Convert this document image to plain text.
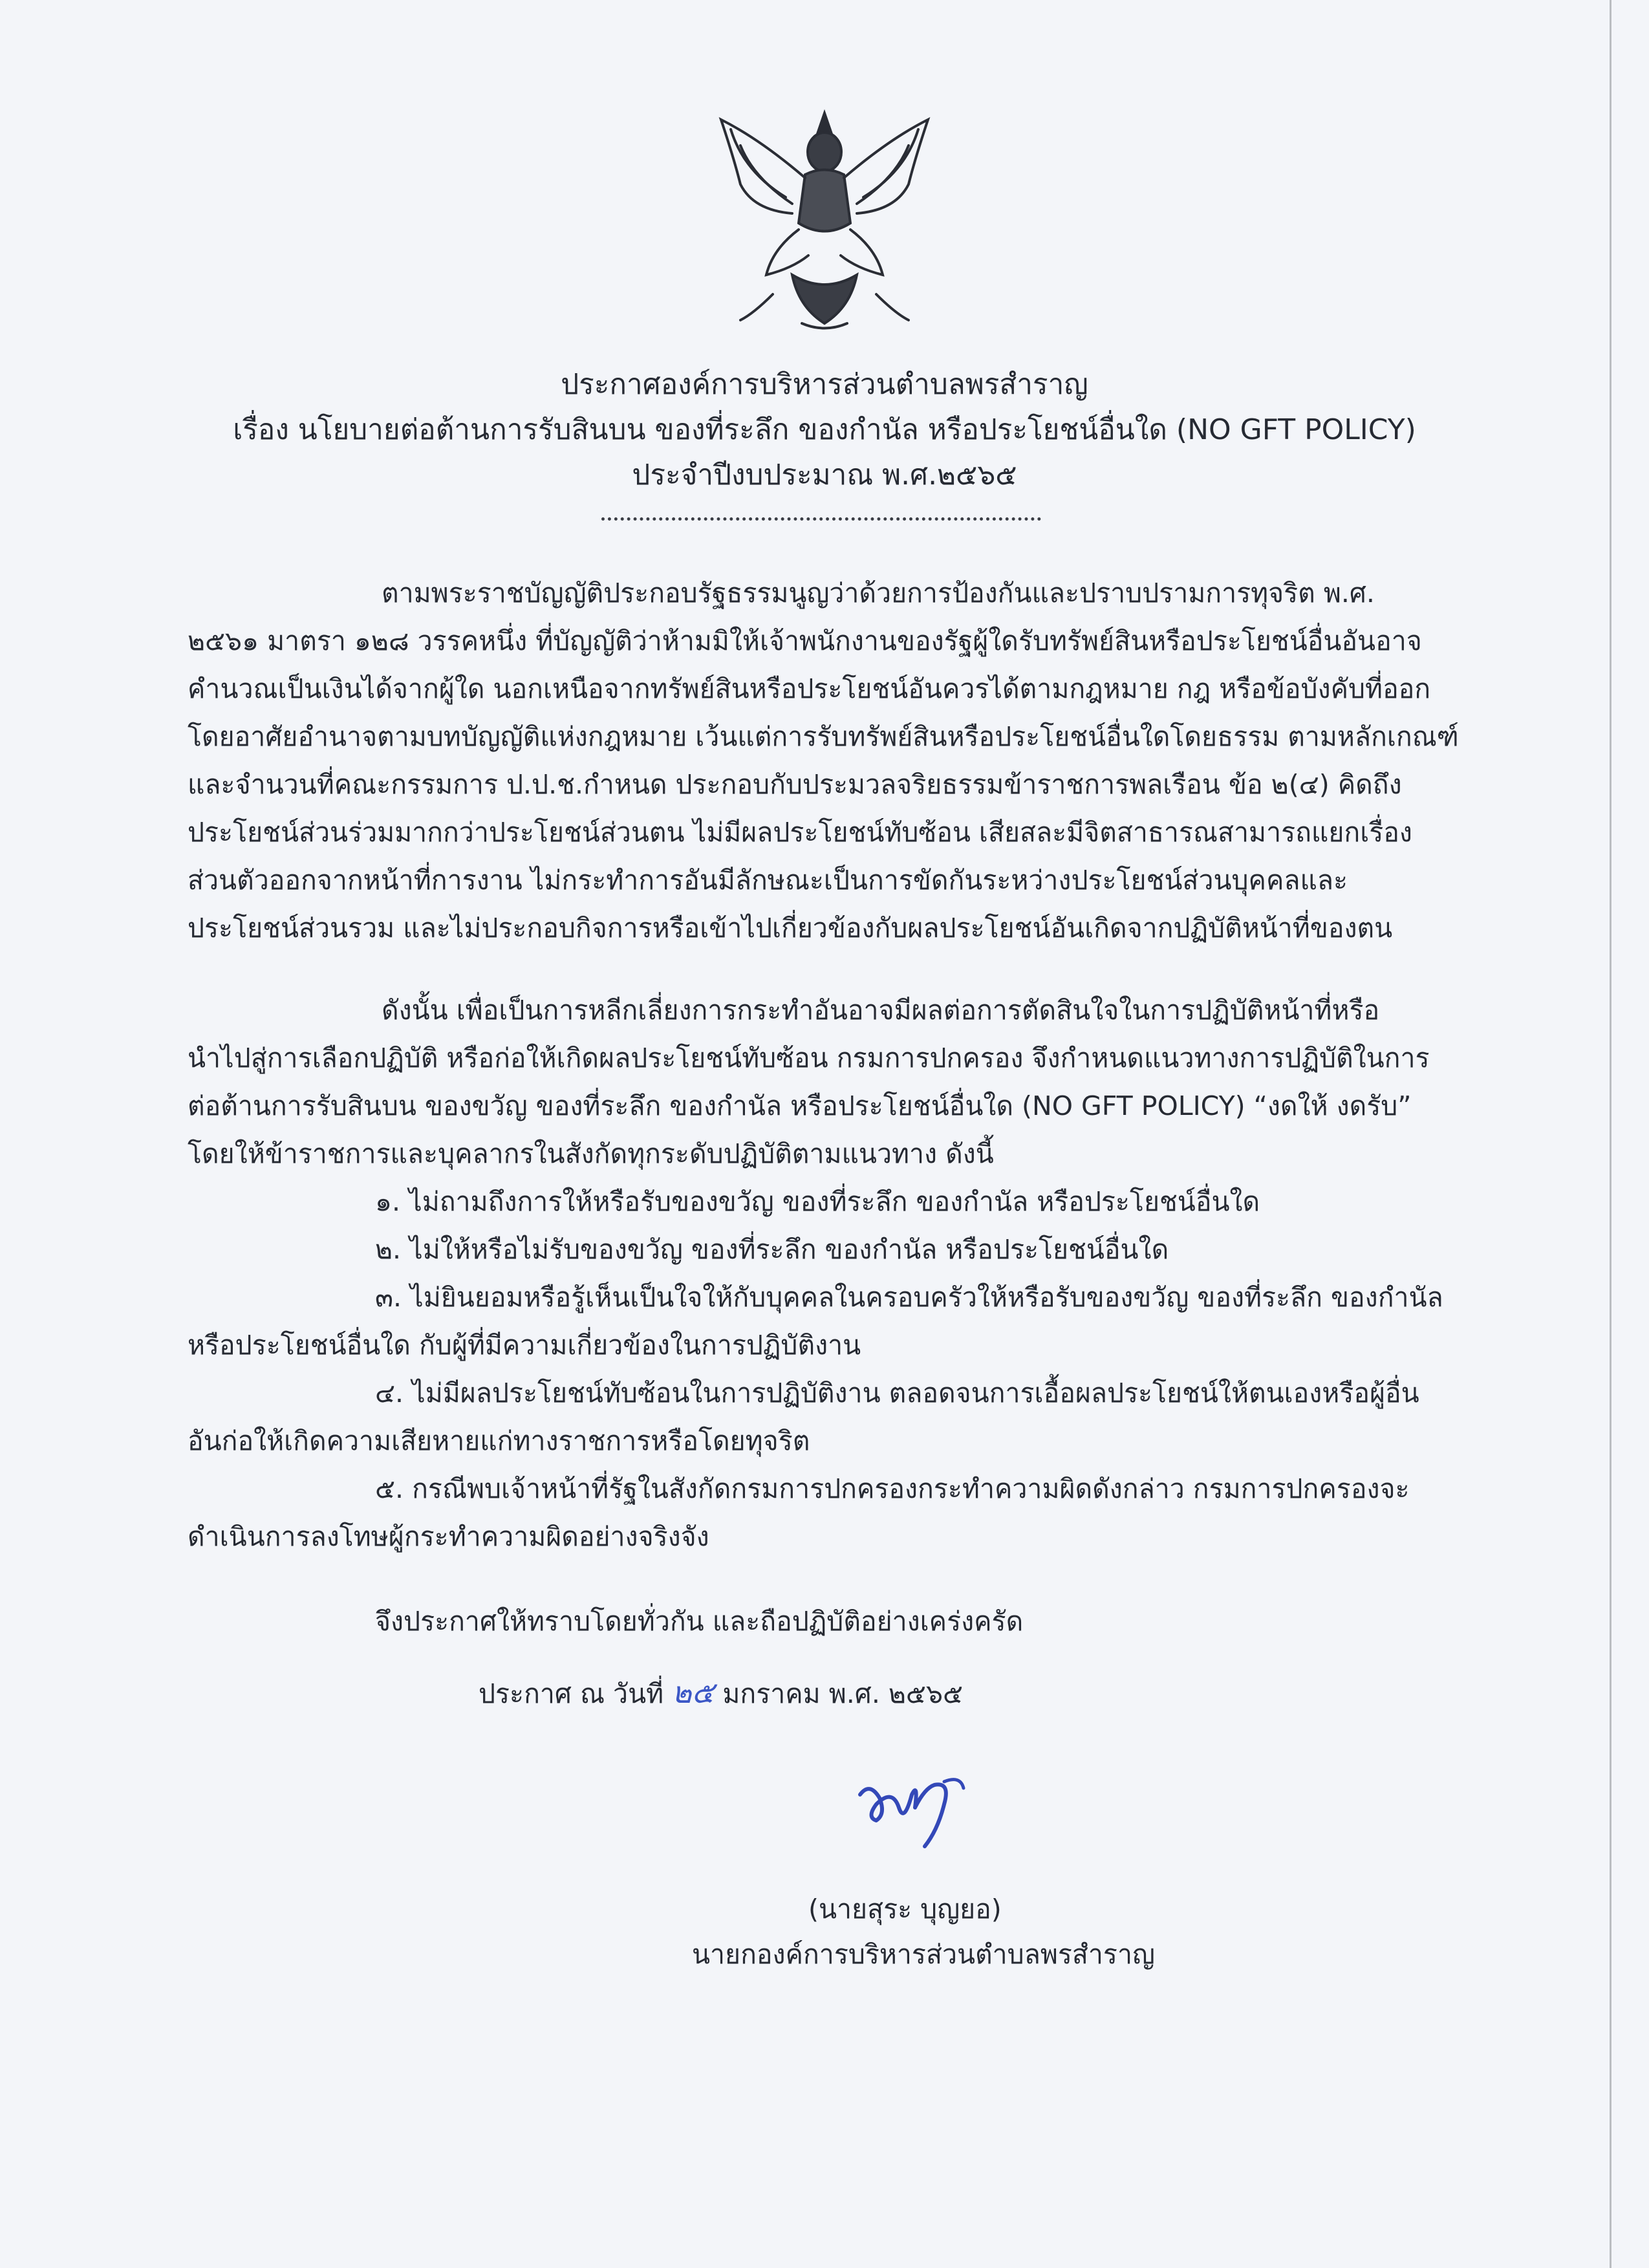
ประกาศองค์การบริหารส่วนตำบลพรสำราญ
เรื่อง นโยบายต่อต้านการรับสินบน ของที่ระลึก ของกำนัล หรือประโยชน์อื่นใด (NO GFT POLICY)
ประจำปีงบประมาณ พ.ศ.๒๕๖๕
ตามพระราชบัญญัติประกอบรัฐธรรมนูญว่าด้วยการป้องกันและปราบปรามการทุจริต พ.ศ.
๒๕๖๑ มาตรา ๑๒๘ วรรคหนึ่ง ที่บัญญัติว่าห้ามมิให้เจ้าพนักงานของรัฐผู้ใดรับทรัพย์สินหรือประโยชน์อื่นอันอาจ
คำนวณเป็นเงินได้จากผู้ใด นอกเหนือจากทรัพย์สินหรือประโยชน์อันควรได้ตามกฎหมาย กฎ หรือข้อบังคับที่ออก
โดยอาศัยอำนาจตามบทบัญญัติแห่งกฎหมาย เว้นแต่การรับทรัพย์สินหรือประโยชน์อื่นใดโดยธรรม ตามหลักเกณฑ์
และจำนวนที่คณะกรรมการ ป.ป.ช.กำหนด ประกอบกับประมวลจริยธรรมข้าราชการพลเรือน ข้อ ๒(๔) คิดถึง
ประโยชน์ส่วนร่วมมากกว่าประโยชน์ส่วนตน ไม่มีผลประโยชน์ทับซ้อน เสียสละมีจิตสาธารณสามารถแยกเรื่อง
ส่วนตัวออกจากหน้าที่การงาน ไม่กระทำการอันมีลักษณะเป็นการขัดกันระหว่างประโยชน์ส่วนบุคคลและ
ประโยชน์ส่วนรวม และไม่ประกอบกิจการหรือเข้าไปเกี่ยวข้องกับผลประโยชน์อันเกิดจากปฏิบัติหน้าที่ของตน
ดังนั้น เพื่อเป็นการหลีกเลี่ยงการกระทำอันอาจมีผลต่อการตัดสินใจในการปฏิบัติหน้าที่หรือ
นำไปสู่การเลือกปฏิบัติ หรือก่อให้เกิดผลประโยชน์ทับซ้อน กรมการปกครอง จึงกำหนดแนวทางการปฏิบัติในการ
ต่อต้านการรับสินบน ของขวัญ ของที่ระลึก ของกำนัล หรือประโยชน์อื่นใด (NO GFT POLICY) “งดให้ งดรับ”
โดยให้ข้าราชการและบุคลากรในสังกัดทุกระดับปฏิบัติตามแนวทาง ดังนี้
๑. ไม่ถามถึงการให้หรือรับของขวัญ ของที่ระลึก ของกำนัล หรือประโยชน์อื่นใด
๒. ไม่ให้หรือไม่รับของขวัญ ของที่ระลึก ของกำนัล หรือประโยชน์อื่นใด
๓. ไม่ยินยอมหรือรู้เห็นเป็นใจให้กับบุคคลในครอบครัวให้หรือรับของขวัญ ของที่ระลึก ของกำนัล
หรือประโยชน์อื่นใด กับผู้ที่มีความเกี่ยวข้องในการปฏิบัติงาน
๔. ไม่มีผลประโยชน์ทับซ้อนในการปฏิบัติงาน ตลอดจนการเอื้อผลประโยชน์ให้ตนเองหรือผู้อื่น
อันก่อให้เกิดความเสียหายแก่ทางราชการหรือโดยทุจริต
๕. กรณีพบเจ้าหน้าที่รัฐในสังกัดกรมการปกครองกระทำความผิดดังกล่าว กรมการปกครองจะ
ดำเนินการลงโทษผู้กระทำความผิดอย่างจริงจัง
จึงประกาศให้ทราบโดยทั่วกัน และถือปฏิบัติอย่างเคร่งครัด
ประกาศ ณ วันที่ ๒๕ มกราคม พ.ศ. ๒๕๖๕
(นายสุระ บุญยอ)
นายกองค์การบริหารส่วนตำบลพรสำราญ
